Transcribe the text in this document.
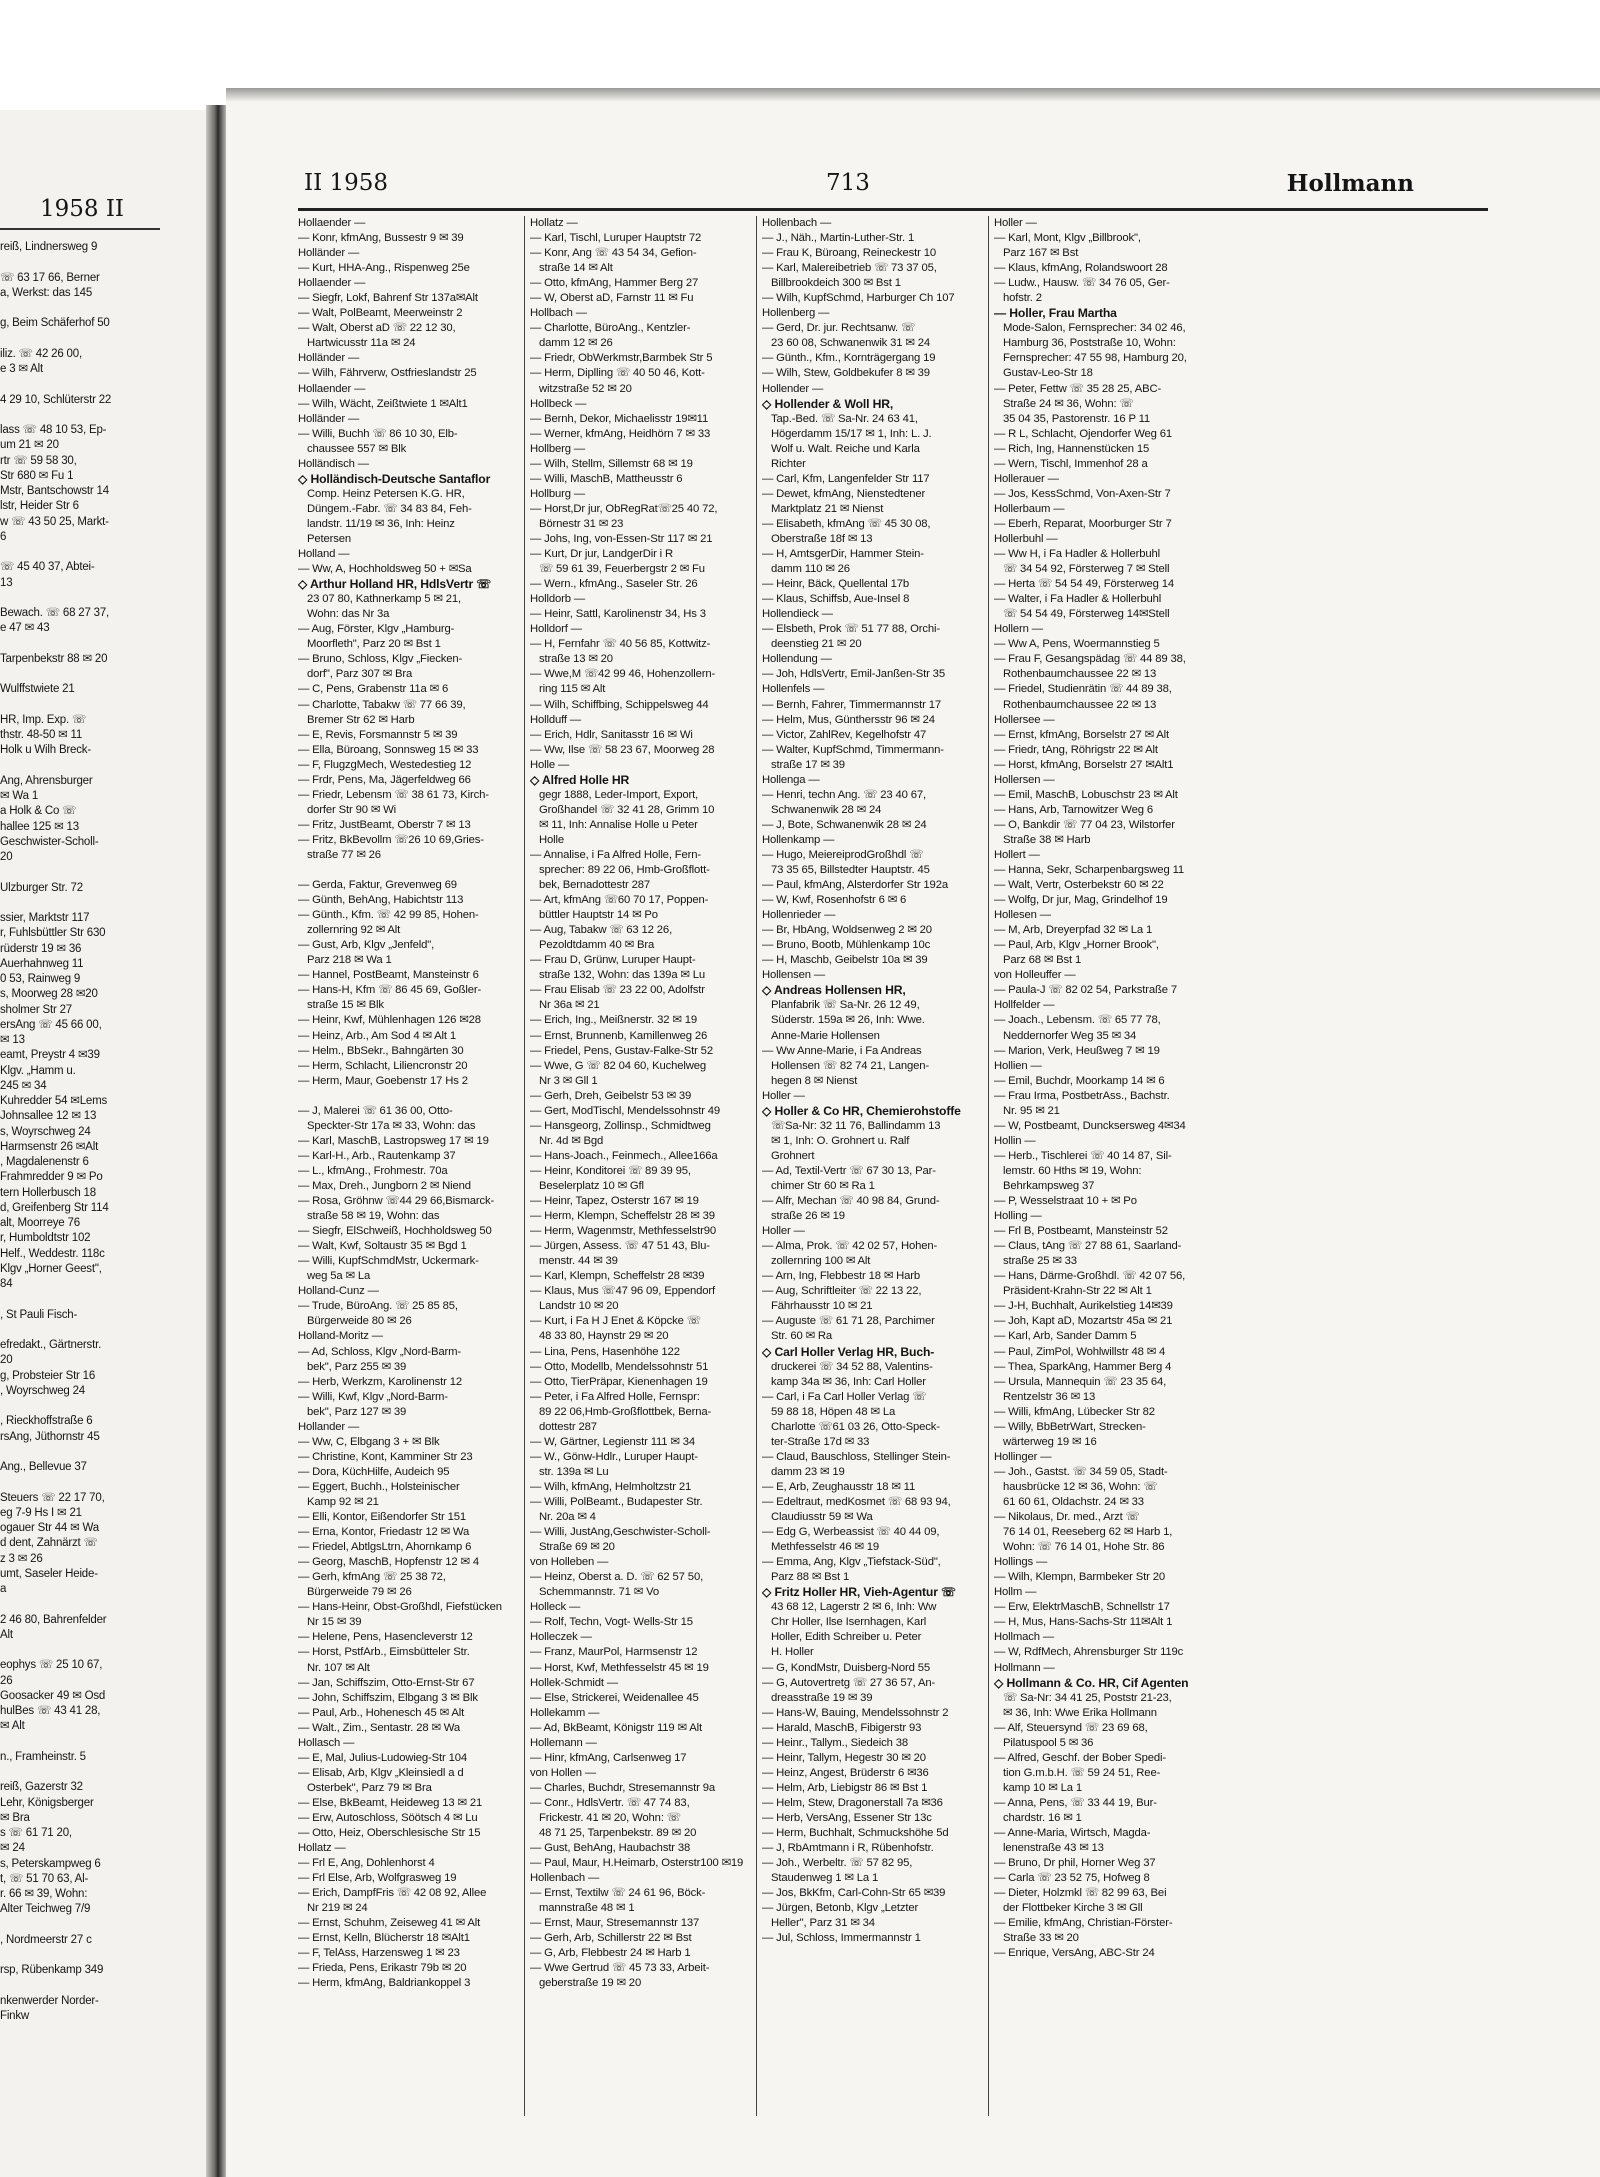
1958 II
reiß, Lindnersweg 9

☏ 63 17 66, Berner
a, Werkst: das 145

g, Beim Schäferhof 50

iliz. ☏ 42 26 00,
e 3 ✉ Alt

4 29 10, Schlüterstr 22

lass ☏ 48 10 53, Ep-
um 21 ✉ 20
rtr ☏ 59 58 30,
Str 680 ✉ Fu 1
Mstr, Bantschowstr 14
lstr, Heider Str 6
w ☏ 43 50 25, Markt-
6

☏ 45 40 37, Abtei-
13

Bewach. ☏ 68 27 37,
e 47 ✉ 43

Tarpenbekstr 88 ✉ 20

Wulffstwiete 21

HR, Imp. Exp. ☏
thstr. 48-50 ✉ 11
Holk u Wilh Breck-

Ang, Ahrensburger
✉ Wa 1
a Holk & Co ☏
hallee 125 ✉ 13
Geschwister-Scholl-
20

Ulzburger Str. 72

ssier, Marktstr 117
r, Fuhlsbüttler Str 630
rüderstr 19 ✉ 36
Auerhahnweg 11
0 53, Rainweg 9
s, Moorweg 28 ✉20
sholmer Str 27
ersAng ☏ 45 66 00,
✉ 13
eamt, Preystr 4 ✉39
Klgv. „Hamm u.
245 ✉ 34
Kuhredder 54 ✉Lems
Johnsallee 12 ✉ 13
s, Woyrschweg 24
Harmsenstr 26 ✉Alt
, Magdalenenstr 6
Frahmredder 9 ✉ Po
tern Hollerbusch 18
d, Greifenberg Str 114
alt, Moorreye 76
r, Humboldtstr 102
Helf., Weddestr. 118c
Klgv „Horner Geest",
84

, St Pauli Fisch-

efredakt., Gärtnerstr.
20
g, Probsteier Str 16
, Woyrschweg 24

, Rieckhoffstraße 6
rsAng, Jüthornstr 45

Ang., Bellevue 37

Steuers ☏ 22 17 70,
eg 7-9 Hs I ✉ 21
ogauer Str 44 ✉ Wa
d dent, Zahnärzt ☏
z 3 ✉ 26
umt, Saseler Heide-
a

2 46 80, Bahrenfelder
Alt

eophys ☏ 25 10 67,
26
Goosacker 49 ✉ Osd
hulBes ☏ 43 41 28,
✉ Alt

n., Framheinstr. 5

reiß, Gazerstr 32
Lehr, Königsberger
✉ Bra
s ☏ 61 71 20,
✉ 24
s, Peterskampweg 6
t, ☏ 51 70 63, Al-
r. 66 ✉ 39, Wohn:
Alter Teichweg 7/9

, Nordmeerstr 27 c

rsp, Rübenkamp 349

nkenwerder Norder-
Finkw
II 1958	713	Hollmann
Hollaender —
— Konr, kfmAng, Bussestr 9 ✉ 39
Holländer —
— Kurt, HHA-Ang., Rispenweg 25e
Hollaender —
— Siegfr, Lokf, Bahrenf Str 137a✉Alt
— Walt, PolBeamt, Meerweinstr 2
— Walt, Oberst aD ☏ 22 12 30,
Hartwicusstr 11a ✉ 24
Holländer —
— Wilh, Fährverw, Ostfrieslandstr 25
Hollaender —
— Wilh, Wächt, Zeißtwiete 1 ✉Alt1
Holländer —
— Willi, Buchh ☏ 86 10 30, Elb-
chaussee 557 ✉ Blk
Holländisch —
◇ Holländisch-Deutsche Santaflor
Comp. Heinz Petersen K.G. HR,
Düngem.-Fabr. ☏ 34 83 84, Feh-
landstr. 11/19 ✉ 36, Inh: Heinz
Petersen
Holland —
— Ww, A, Hochholdsweg 50 + ✉Sa
◇ Arthur Holland HR, HdlsVertr ☏
23 07 80, Kathnerkamp 5 ✉ 21,
Wohn: das Nr 3a
— Aug, Förster, Klgv „Hamburg-
Moorfleth", Parz 20 ✉ Bst 1
— Bruno, Schloss, Klgv „Fiecken-
dorf", Parz 307 ✉ Bra
— C, Pens, Grabenstr 11a ✉ 6
— Charlotte, Tabakw ☏ 77 66 39,
Bremer Str 62 ✉ Harb
— E, Revis, Forsmannstr 5 ✉ 39
— Ella, Büroang, Sonnsweg 15 ✉ 33
— F, FlugzgMech, Westedestieg 12
— Frdr, Pens, Ma, Jägerfeldweg 66
— Friedr, Lebensm ☏ 38 61 73, Kirch-
dorfer Str 90 ✉ Wi
— Fritz, JustBeamt, Oberstr 7 ✉ 13
— Fritz, BkBevollm ☏26 10 69,Gries-
straße 77 ✉ 26

— Gerda, Faktur, Grevenweg 69
— Günth, BehAng, Habichtstr 113
— Günth., Kfm. ☏ 42 99 85, Hohen-
zollernring 92 ✉ Alt
— Gust, Arb, Klgv „Jenfeld",
Parz 218 ✉ Wa 1
— Hannel, PostBeamt, Mansteinstr 6
— Hans-H, Kfm ☏ 86 45 69, Goßler-
straße 15 ✉ Blk
— Heinr, Kwf, Mühlenhagen 126 ✉28
— Heinz, Arb., Am Sod 4 ✉ Alt 1
— Helm., BbSekr., Bahngärten 30
— Herm, Schlacht, Liliencronstr 20
— Herm, Maur, Goebenstr 17 Hs 2

— J, Malerei ☏ 61 36 00, Otto-
Speckter-Str 17a ✉ 33, Wohn: das
— Karl, MaschB, Lastropsweg 17 ✉ 19
— Karl-H., Arb., Rautenkamp 37
— L., kfmAng., Frohmestr. 70a
— Max, Dreh., Jungborn 2 ✉ Niend
— Rosa, Gröhnw ☏44 29 66,Bismarck-
straße 58 ✉ 19, Wohn: das
— Siegfr, ElSchweiß, Hochholdsweg 50
— Walt, Kwf, Soltaustr 35 ✉ Bgd 1
— Willi, KupfSchmdMstr, Uckermark-
weg 5a ✉ La
Holland-Cunz —
— Trude, BüroAng. ☏ 25 85 85,
Bürgerweide 80 ✉ 26
Holland-Moritz —
— Ad, Schloss, Klgv „Nord-Barm-
bek", Parz 255 ✉ 39
— Herb, Werkzm, Karolinenstr 12
— Willi, Kwf, Klgv „Nord-Barm-
bek", Parz 127 ✉ 39
Hollander —
— Ww, C, Elbgang 3 + ✉ Blk
— Christine, Kont, Kamminer Str 23
— Dora, KüchHilfe, Audeich 95
— Eggert, Buchh., Holsteinischer
Kamp 92 ✉ 21
— Elli, Kontor, Eißendorfer Str 151
— Erna, Kontor, Friedastr 12 ✉ Wa
— Friedel, AbtlgsLtrn, Ahornkamp 6
— Georg, MaschB, Hopfenstr 12 ✉ 4
— Gerh, kfmAng ☏ 25 38 72,
Bürgerweide 79 ✉ 26
— Hans-Heinr, Obst-Großhdl, Fiefstücken
Nr 15 ✉ 39
— Helene, Pens, Hasencleverstr 12
— Horst, PstfArb., Eimsbütteler Str.
Nr. 107 ✉ Alt
— Jan, Schiffszim, Otto-Ernst-Str 67
— John, Schiffszim, Elbgang 3 ✉ Blk
— Paul, Arb., Hohenesch 45 ✉ Alt
— Walt., Zim., Sentastr. 28 ✉ Wa
Hollasch —
— E, Mal, Julius-Ludowieg-Str 104
— Elisab, Arb, Klgv „Kleinsiedl a d
Osterbek", Parz 79 ✉ Bra
— Else, BkBeamt, Heideweg 13 ✉ 21
— Erw, Autoschloss, Söötsch 4 ✉ Lu
— Otto, Heiz, Oberschlesische Str 15
Hollatz —
— Frl E, Ang, Dohlenhorst 4
— Frl Else, Arb, Wolfgrasweg 19
— Erich, DampfFris ☏ 42 08 92, Allee
Nr 219 ✉ 24
— Ernst, Schuhm, Zeiseweg 41 ✉ Alt
— Ernst, Kelln, Blücherstr 18 ✉Alt1
— F, TelAss, Harzensweg 1 ✉ 23
— Frieda, Pens, Erikastr 79b ✉ 20
— Herm, kfmAng, Baldriankoppel 3
Hollatz —
— Karl, Tischl, Luruper Hauptstr 72
— Konr, Ang ☏ 43 54 34, Gefion-
straße 14 ✉ Alt
— Otto, kfmAng, Hammer Berg 27
— W, Oberst aD, Farnstr 11 ✉ Fu
Hollbach —
— Charlotte, BüroAng., Kentzler-
damm 12 ✉ 26
— Friedr, ObWerkmstr,Barmbek Str 5
— Herm, Diplling ☏ 40 50 46, Kott-
witzstraße 52 ✉ 20
Hollbeck —
— Bernh, Dekor, Michaelisstr 19✉11
— Werner, kfmAng, Heidhörn 7 ✉ 33
Hollberg —
— Wilh, Stellm, Sillemstr 68 ✉ 19
— Willi, MaschB, Mattheusstr 6
Hollburg —
— Horst,Dr jur, ObRegRat☏25 40 72,
Börnestr 31 ✉ 23
— Johs, Ing, von-Essen-Str 117 ✉ 21
— Kurt, Dr jur, LandgerDir i R
☏ 59 61 39, Feuerbergstr 2 ✉ Fu
— Wern., kfmAng., Saseler Str. 26
Holldorb —
— Heinr, Sattl, Karolinenstr 34, Hs 3
Holldorf —
— H, Fernfahr ☏ 40 56 85, Kottwitz-
straße 13 ✉ 20
— Wwe,M ☏42 99 46, Hohenzollern-
ring 115 ✉ Alt
— Wilh, Schiffbing, Schippelsweg 44
Hollduff —
— Erich, Hdlr, Sanitasstr 16 ✉ Wi
— Ww, Ilse ☏ 58 23 67, Moorweg 28
Holle —
◇ Alfred Holle HR
gegr 1888, Leder-Import, Export,
Großhandel ☏ 32 41 28, Grimm 10
✉ 11, Inh: Annalise Holle u Peter
Holle
— Annalise, i Fa Alfred Holle, Fern-
sprecher: 89 22 06, Hmb-Großflott-
bek, Bernadottestr 287
— Art, kfmAng ☏60 70 17, Poppen-
büttler Hauptstr 14 ✉ Po
— Aug, Tabakw ☏ 63 12 26,
Pezoldtdamm 40 ✉ Bra
— Frau D, Grünw, Luruper Haupt-
straße 132, Wohn: das 139a ✉ Lu
— Frau Elisab ☏ 23 22 00, Adolfstr
Nr 36a ✉ 21
— Erich, Ing., Meißnerstr. 32 ✉ 19
— Ernst, Brunnenb, Kamillenweg 26
— Friedel, Pens, Gustav-Falke-Str 52
— Wwe, G ☏ 82 04 60, Kuchelweg
Nr 3 ✉ Gll 1
— Gerh, Dreh, Geibelstr 53 ✉ 39
— Gert, ModTischl, Mendelssohnstr 49
— Hansgeorg, Zollinsp., Schmidtweg
Nr. 4d ✉ Bgd
— Hans-Joach., Feinmech., Allee166a
— Heinr, Konditorei ☏ 89 39 95,
Beselerplatz 10 ✉ Gfl
— Heinr, Tapez, Osterstr 167 ✉ 19
— Herm, Klempn, Scheffelstr 28 ✉ 39
— Herm, Wagenmstr, Methfesselstr90
— Jürgen, Assess. ☏ 47 51 43, Blu-
menstr. 44 ✉ 39
— Karl, Klempn, Scheffelstr 28 ✉39
— Klaus, Mus ☏47 96 09, Eppendorf
Landstr 10 ✉ 20
— Kurt, i Fa H J Enet & Köpcke ☏
48 33 80, Haynstr 29 ✉ 20
— Lina, Pens, Hasenhöhe 122
— Otto, Modellb, Mendelssohnstr 51
— Otto, TierPräpar, Kienenhagen 19
— Peter, i Fa Alfred Holle, Fernspr:
89 22 06,Hmb-Großflottbek, Berna-
dottestr 287
— W, Gärtner, Legienstr 111 ✉ 34
— W., Gönw-Hdlr., Luruper Haupt-
str. 139a ✉ Lu
— Wilh, kfmAng, Helmholtzstr 21
— Willi, PolBeamt., Budapester Str.
Nr. 20a ✉ 4
— Willi, JustAng,Geschwister-Scholl-
Straße 69 ✉ 20
von Holleben —
— Heinz, Oberst a. D. ☏ 62 57 50,
Schemmannstr. 71 ✉ Vo
Holleck —
— Rolf, Techn, Vogt- Wells-Str 15
Holleczek —
— Franz, MaurPol, Harmsenstr 12
— Horst, Kwf, Methfesselstr 45 ✉ 19
Hollek-Schmidt —
— Else, Strickerei, Weidenallee 45
Hollekamm —
— Ad, BkBeamt, Königstr 119 ✉ Alt
Hollemann —
— Hinr, kfmAng, Carlsenweg 17
von Hollen —
— Charles, Buchdr, Stresemannstr 9a
— Conr., HdlsVertr. ☏ 47 74 83,
Frickestr. 41 ✉ 20, Wohn: ☏
48 71 25, Tarpenbekstr. 89 ✉ 20
— Gust, BehAng, Haubachstr 38
— Paul, Maur, H.Heimarb, Osterstr100 ✉19
Hollenbach —
— Ernst, Textilw ☏ 24 61 96, Böck-
mannstraße 48 ✉ 1
— Ernst, Maur, Stresemannstr 137
— Gerh, Arb, Schillerstr 22 ✉ Bst
— G, Arb, Flebbestr 24 ✉ Harb 1
— Wwe Gertrud ☏ 45 73 33, Arbeit-
geberstraße 19 ✉ 20
Hollenbach —
— J., Näh., Martin-Luther-Str. 1
— Frau K, Büroang, Reineckestr 10
— Karl, Malereibetrieb ☏ 73 37 05,
Billbrookdeich 300 ✉ Bst 1
— Wilh, KupfSchmd, Harburger Ch 107
Hollenberg —
— Gerd, Dr. jur. Rechtsanw. ☏
23 60 08, Schwanenwik 31 ✉ 24
— Günth., Kfm., Kornträgergang 19
— Wilh, Stew, Goldbekufer 8 ✉ 39
Hollender —
◇ Hollender & Woll HR,
Tap.-Bed. ☏ Sa-Nr. 24 63 41,
Högerdamm 15/17 ✉ 1, Inh: L. J.
Wolf u. Walt. Reiche und Karla
Richter
— Carl, Kfm, Langenfelder Str 117
— Dewet, kfmAng, Nienstedtener
Marktplatz 21 ✉ Nienst
— Elisabeth, kfmAng ☏ 45 30 08,
Oberstraße 18f ✉ 13
— H, AmtsgerDir, Hammer Stein-
damm 110 ✉ 26
— Heinr, Bäck, Quellental 17b
— Klaus, Schiffsb, Aue-Insel 8
Hollendieck —
— Elsbeth, Prok ☏ 51 77 88, Orchi-
deenstieg 21 ✉ 20
Hollendung —
— Joh, HdlsVertr, Emil-Janßen-Str 35
Hollenfels —
— Bernh, Fahrer, Timmermannstr 17
— Helm, Mus, Günthersstr 96 ✉ 24
— Victor, ZahlRev, Kegelhofstr 47
— Walter, KupfSchmd, Timmermann-
straße 17 ✉ 39
Hollenga —
— Henri, techn Ang. ☏ 23 40 67,
Schwanenwik 28 ✉ 24
— J, Bote, Schwanenwik 28 ✉ 24
Hollenkamp —
— Hugo, MeiereiprodGroßhdl ☏
73 35 65, Billstedter Hauptstr. 45
— Paul, kfmAng, Alsterdorfer Str 192a
— W, Kwf, Rosenhofstr 6 ✉ 6
Hollenrieder —
— Br, HbAng, Woldsenweg 2 ✉ 20
— Bruno, Bootb, Mühlenkamp 10c
— H, Maschb, Geibelstr 10a ✉ 39
Hollensen —
◇ Andreas Hollensen HR,
Planfabrik ☏ Sa-Nr. 26 12 49,
Süderstr. 159a ✉ 26, Inh: Wwe.
Anne-Marie Hollensen
— Ww Anne-Marie, i Fa Andreas
Hollensen ☏ 82 74 21, Langen-
hegen 8 ✉ Nienst
Holler —
◇ Holler & Co HR, Chemierohstoffe
☏Sa-Nr: 32 11 76, Ballindamm 13
✉ 1, Inh: O. Grohnert u. Ralf
Grohnert
— Ad, Textil-Vertr ☏ 67 30 13, Par-
chimer Str 60 ✉ Ra 1
— Alfr, Mechan ☏ 40 98 84, Grund-
straße 26 ✉ 19
Holler —
— Alma, Prok. ☏ 42 02 57, Hohen-
zollernring 100 ✉ Alt
— Arn, Ing, Flebbestr 18 ✉ Harb
— Aug, Schriftleiter ☏ 22 13 22,
Fährhausstr 10 ✉ 21
— Auguste ☏ 61 71 28, Parchimer
Str. 60 ✉ Ra
◇ Carl Holler Verlag HR, Buch-
druckerei ☏ 34 52 88, Valentins-
kamp 34a ✉ 36, Inh: Carl Holler
— Carl, i Fa Carl Holler Verlag ☏
59 88 18, Höpen 48 ✉ La
Charlotte ☏61 03 26, Otto-Speck-
ter-Straße 17d ✉ 33
— Claud, Bauschloss, Stellinger Stein-
damm 23 ✉ 19
— E, Arb, Zeughausstr 18 ✉ 11
— Edeltraut, medKosmet ☏ 68 93 94,
Claudiusstr 59 ✉ Wa
— Edg G, Werbeassist ☏ 40 44 09,
Methfesselstr 46 ✉ 19
— Emma, Ang, Klgv „Tiefstack-Süd",
Parz 88 ✉ Bst 1
◇ Fritz Holler HR, Vieh-Agentur ☏
43 68 12, Lagerstr 2 ✉ 6, Inh: Ww
Chr Holler, Ilse Isernhagen, Karl
Holler, Edith Schreiber u. Peter
H. Holler
— G, KondMstr, Duisberg-Nord 55
— G, Autovertretg ☏ 27 36 57, An-
dreasstraße 19 ✉ 39
— Hans-W, Bauing, Mendelssohnstr 2
— Harald, MaschB, Fibigerstr 93
— Heinr., Tallym., Siedeich 38
— Heinr, Tallym, Hegestr 30 ✉ 20
— Heinz, Angest, Brüderstr 6 ✉36
— Helm, Arb, Liebigstr 86 ✉ Bst 1
— Helm, Stew, Dragonerstall 7a ✉36
— Herb, VersAng, Essener Str 13c
— Herm, Buchhalt, Schmuckshöhe 5d
— J, RbAmtmann i R, Rübenhofstr.
— Joh., Werbeltr. ☏ 57 82 95,
Staudenweg 1 ✉ La 1
— Jos, BkKfm, Carl-Cohn-Str 65 ✉39
— Jürgen, Betonb, Klgv „Letzter
Heller", Parz 31 ✉ 34
— Jul, Schloss, Immermannstr 1
Holler —
— Karl, Mont, Klgv „Billbrook",
Parz 167 ✉ Bst
— Klaus, kfmAng, Rolandswoort 28
— Ludw., Hausw. ☏ 34 76 05, Ger-
hofstr. 2
— Holler, Frau Martha
Mode-Salon, Fernsprecher: 34 02 46,
Hamburg 36, Poststraße 10, Wohn:
Fernsprecher: 47 55 98, Hamburg 20,
Gustav-Leo-Str 18
— Peter, Fettw ☏ 35 28 25, ABC-
Straße 24 ✉ 36, Wohn: ☏
35 04 35, Pastorenstr. 16 P 11
— R L, Schlacht, Ojendorfer Weg 61
— Rich, Ing, Hannenstücken 15
— Wern, Tischl, Immenhof 28 a
Hollerauer —
— Jos, KessSchmd, Von-Axen-Str 7
Hollerbaum —
— Eberh, Reparat, Moorburger Str 7
Hollerbuhl —
— Ww H, i Fa Hadler & Hollerbuhl
☏ 34 54 92, Försterweg 7 ✉ Stell
— Herta ☏ 54 54 49, Försterweg 14
— Walter, i Fa Hadler & Hollerbuhl
☏ 54 54 49, Försterweg 14✉Stell
Hollern —
— Ww A, Pens, Woermannstieg 5
— Frau F, Gesangspädag ☏ 44 89 38,
Rothenbaumchaussee 22 ✉ 13
— Friedel, Studienrätin ☏ 44 89 38,
Rothenbaumchaussee 22 ✉ 13
Hollersee —
— Ernst, kfmAng, Borselstr 27 ✉ Alt
— Friedr, tAng, Röhrigstr 22 ✉ Alt
— Horst, kfmAng, Borselstr 27 ✉Alt1
Hollersen —
— Emil, MaschB, Lobuschstr 23 ✉ Alt
— Hans, Arb, Tarnowitzer Weg 6
— O, Bankdir ☏ 77 04 23, Wilstorfer
Straße 38 ✉ Harb
Hollert —
— Hanna, Sekr, Scharpenbargsweg 11
— Walt, Vertr, Osterbekstr 60 ✉ 22
— Wolfg, Dr jur, Mag, Grindelhof 19
Hollesen —
— M, Arb, Dreyerpfad 32 ✉ La 1
— Paul, Arb, Klgv „Horner Brook",
Parz 68 ✉ Bst 1
von Holleuffer —
— Paula-J ☏ 82 02 54, Parkstraße 7
Hollfelder —
— Joach., Lebensm. ☏ 65 77 78,
Neddernorfer Weg 35 ✉ 34
— Marion, Verk, Heußweg 7 ✉ 19
Hollien —
— Emil, Buchdr, Moorkamp 14 ✉ 6
— Frau Irma, PostbetrAss., Bachstr.
Nr. 95 ✉ 21
— W, Postbeamt, Duncksersweg 4✉34
Hollin —
— Herb., Tischlerei ☏ 40 14 87, Sil-
lemstr. 60 Hths ✉ 19, Wohn:
Behrkampsweg 37
— P, Wesselstraat 10 + ✉ Po
Holling —
— Frl B, Postbeamt, Mansteinstr 52
— Claus, tAng ☏ 27 88 61, Saarland-
straße 25 ✉ 33
— Hans, Därme-Großhdl. ☏ 42 07 56,
Präsident-Krahn-Str 22 ✉ Alt 1
— J-H, Buchhalt, Aurikelstieg 14✉39
— Joh, Kapt aD, Mozartstr 45a ✉ 21
— Karl, Arb, Sander Damm 5
— Paul, ZimPol, Wohlwillstr 48 ✉ 4
— Thea, SparkAng, Hammer Berg 4
— Ursula, Mannequin ☏ 23 35 64,
Rentzelstr 36 ✉ 13
— Willi, kfmAng, Lübecker Str 82
— Willy, BbBetrWart, Strecken-
wärterweg 19 ✉ 16
Hollinger —
— Joh., Gastst. ☏ 34 59 05, Stadt-
hausbrücke 12 ✉ 36, Wohn: ☏
61 60 61, Oldachstr. 24 ✉ 33
— Nikolaus, Dr. med., Arzt ☏
76 14 01, Reeseberg 62 ✉ Harb 1,
Wohn: ☏ 76 14 01, Hohe Str. 86
Hollings —
— Wilh, Klempn, Barmbeker Str 20
Hollm —
— Erw, ElektrMaschB, Schnellstr 17
— H, Mus, Hans-Sachs-Str 11✉Alt 1
Hollmach —
— W, RdfMech, Ahrensburger Str 119c
Hollmann —
◇ Hollmann & Co. HR, Cif Agenten
☏ Sa-Nr: 34 41 25, Poststr 21-23,
✉ 36, Inh: Wwe Erika Hollmann
— Alf, Steuersynd ☏ 23 69 68,
Pilatuspool 5 ✉ 36
— Alfred, Geschf. der Bober Spedi-
tion G.m.b.H. ☏ 59 24 51, Ree-
kamp 10 ✉ La 1
— Anna, Pens, ☏ 33 44 19, Bur-
chardstr. 16 ✉ 1
— Anne-Maria, Wirtsch, Magda-
lenenstraße 43 ✉ 13
— Bruno, Dr phil, Horner Weg 37
— Carla ☏ 23 52 75, Hofweg 8
— Dieter, Holzmkl ☏ 82 99 63, Bei
der Flottbeker Kirche 3 ✉ Gll
— Emilie, kfmAng, Christian-Förster-
Straße 33 ✉ 20
— Enrique, VersAng, ABC-Str 24
